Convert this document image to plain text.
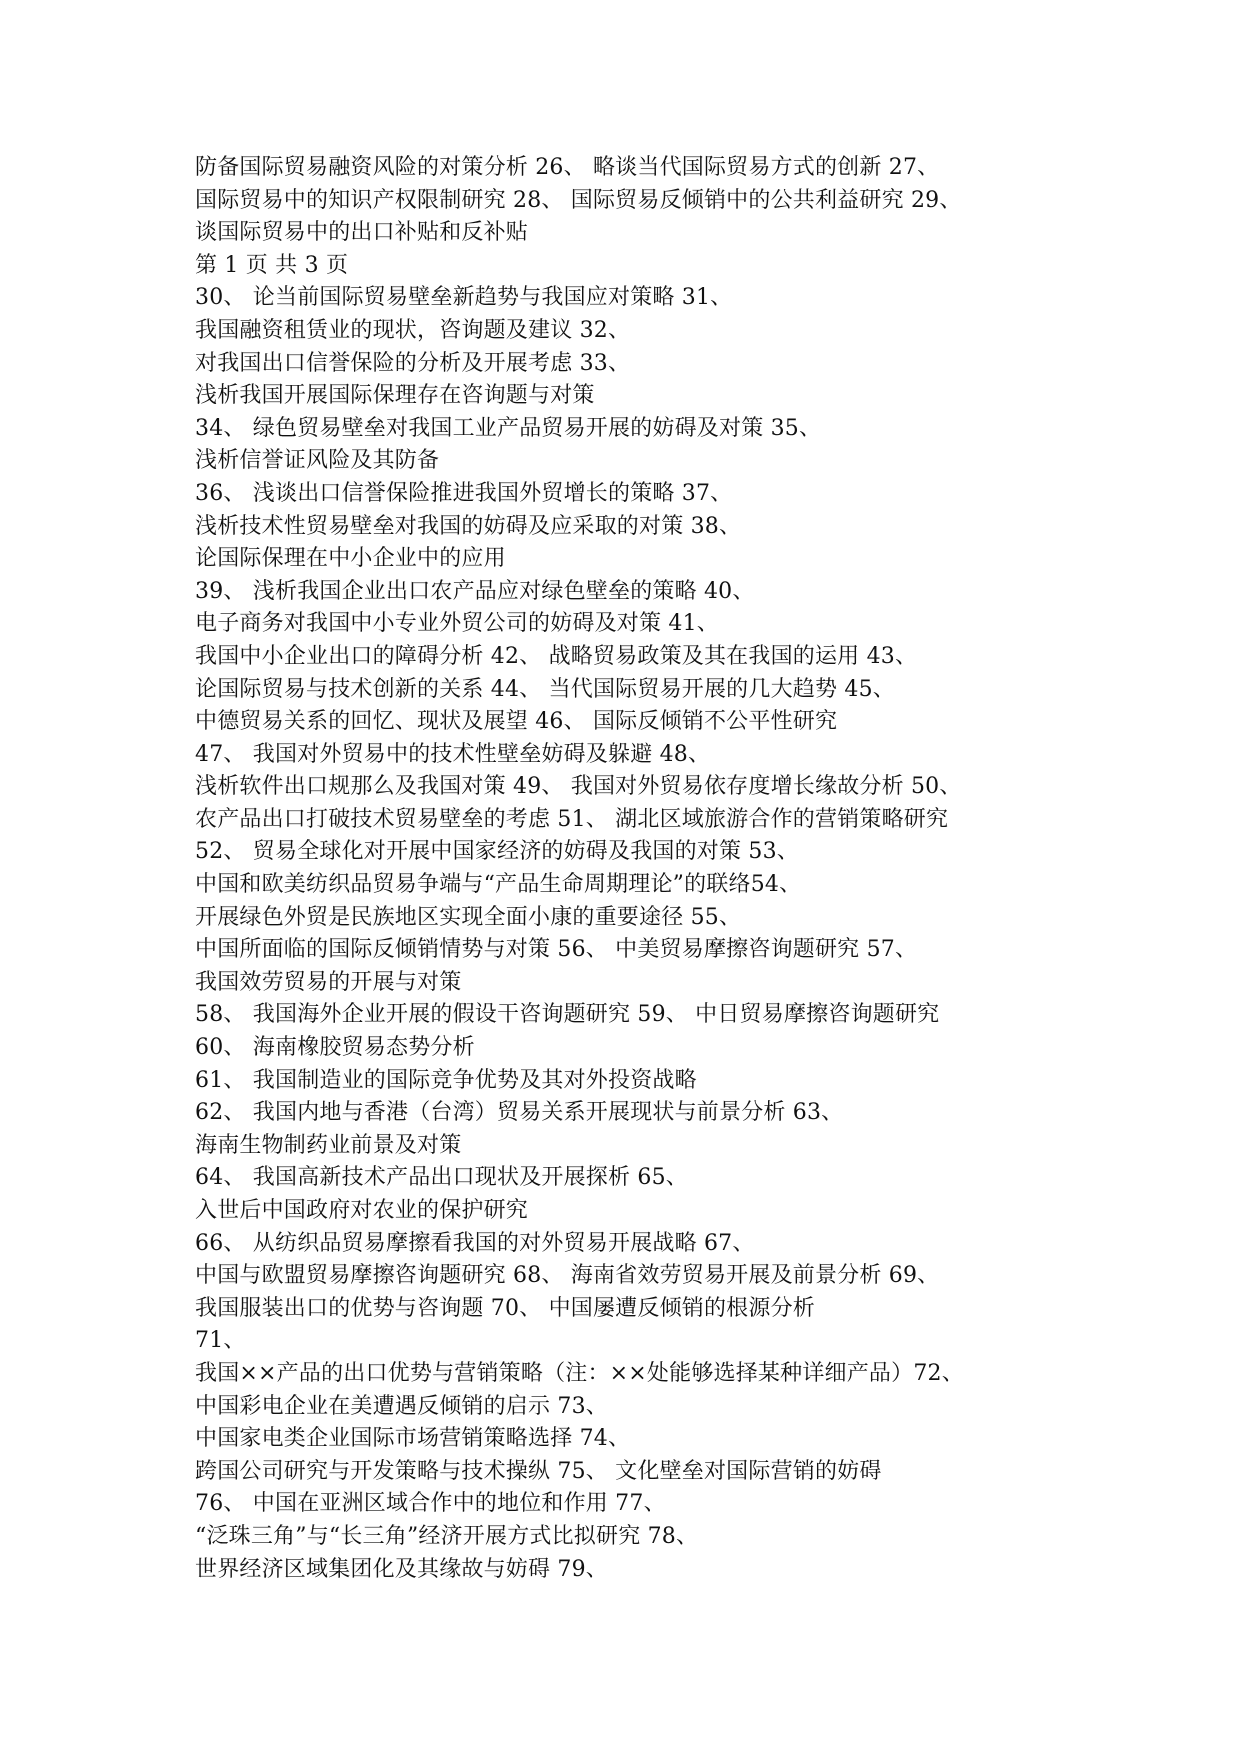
防备国际贸易融资风险的对策分析 26、 略谈当代国际贸易方式的创新 27、
国际贸易中的知识产权限制研究 28、 国际贸易反倾销中的公共利益研究 29、
谈国际贸易中的出口补贴和反补贴
第 1 页 共 3 页
30、 论当前国际贸易壁垒新趋势与我国应对策略 31、
我国融资租赁业的现状，咨询题及建议 32、
对我国出口信誉保险的分析及开展考虑 33、
浅析我国开展国际保理存在咨询题与对策
34、 绿色贸易壁垒对我国工业产品贸易开展的妨碍及对策 35、
浅析信誉证风险及其防备
36、 浅谈出口信誉保险推进我国外贸增长的策略 37、
浅析技术性贸易壁垒对我国的妨碍及应采取的对策 38、
论国际保理在中小企业中的应用
39、 浅析我国企业出口农产品应对绿色壁垒的策略 40、
电子商务对我国中小专业外贸公司的妨碍及对策 41、
我国中小企业出口的障碍分析 42、 战略贸易政策及其在我国的运用 43、
论国际贸易与技术创新的关系 44、 当代国际贸易开展的几大趋势 45、
中德贸易关系的回忆、现状及展望 46、 国际反倾销不公平性研究
47、 我国对外贸易中的技术性壁垒妨碍及躲避 48、
浅析软件出口规那么及我国对策 49、 我国对外贸易依存度增长缘故分析 50、
农产品出口打破技术贸易壁垒的考虑 51、 湖北区域旅游合作的营销策略研究
52、 贸易全球化对开展中国家经济的妨碍及我国的对策 53、
中国和欧美纺织品贸易争端与“产品生命周期理论”的联络54、
开展绿色外贸是民族地区实现全面小康的重要途径 55、
中国所面临的国际反倾销情势与对策 56、 中美贸易摩擦咨询题研究 57、
我国效劳贸易的开展与对策
58、 我国海外企业开展的假设干咨询题研究 59、 中日贸易摩擦咨询题研究
60、 海南橡胶贸易态势分析
61、 我国制造业的国际竞争优势及其对外投资战略
62、 我国内地与香港（台湾）贸易关系开展现状与前景分析 63、
海南生物制药业前景及对策
64、 我国高新技术产品出口现状及开展探析 65、
入世后中国政府对农业的保护研究
66、 从纺织品贸易摩擦看我国的对外贸易开展战略 67、
中国与欧盟贸易摩擦咨询题研究 68、 海南省效劳贸易开展及前景分析 69、
我国服装出口的优势与咨询题 70、 中国屡遭反倾销的根源分析
71、
我国××产品的出口优势与营销策略（注：××处能够选择某种详细产品）72、
中国彩电企业在美遭遇反倾销的启示 73、
中国家电类企业国际市场营销策略选择 74、
跨国公司研究与开发策略与技术操纵 75、 文化壁垒对国际营销的妨碍
76、 中国在亚洲区域合作中的地位和作用 77、
“泛珠三角”与“长三角”经济开展方式比拟研究 78、
世界经济区域集团化及其缘故与妨碍 79、
